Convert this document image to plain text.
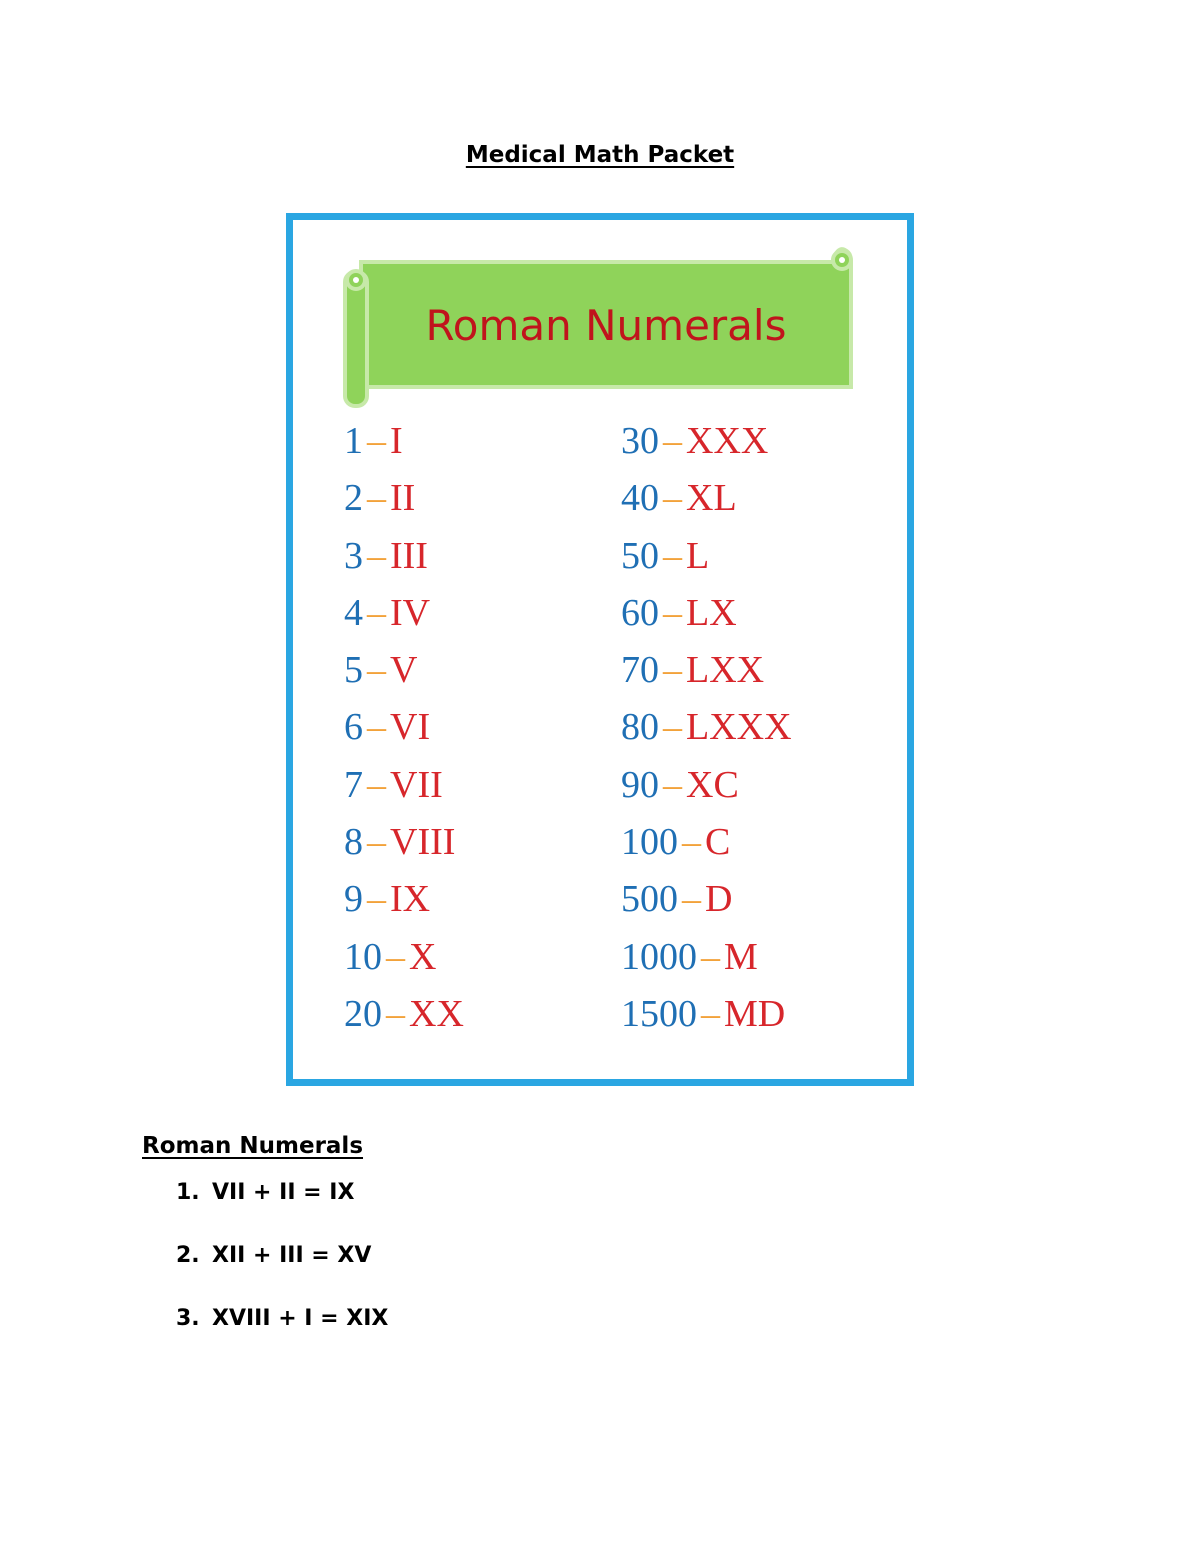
Medical Math Packet
Roman Numerals
1 – I
2 – II
3 – III
4 – IV
5 – V
6 – VI
7 – VII
8 – VIII
9 – IX
10 – X
20 – XX
30 – XXX
40 – XL
50 – L
60 – LX
70 – LXX
80 – LXXX
90 – XC
100 – C
500 – D
1000 – M
1500 – MD
Roman Numerals
1. VII + II = IX
2. XII + III = XV
3. XVIII + I = XIX
